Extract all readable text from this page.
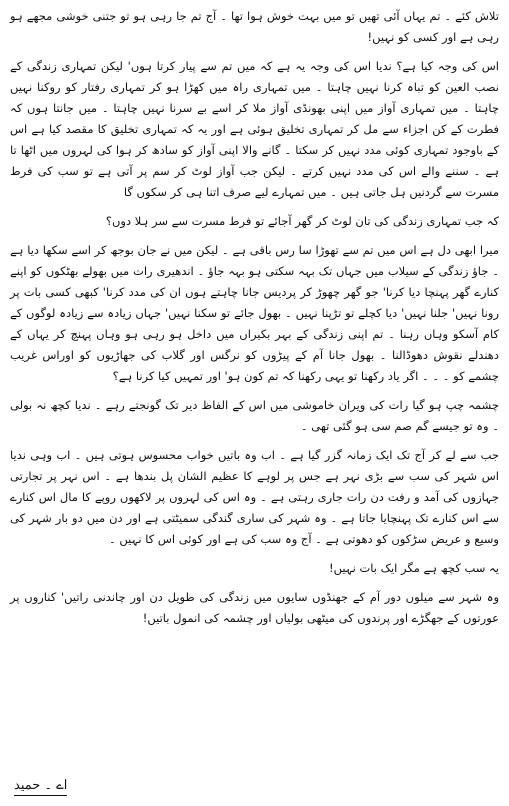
تلاش کئے ۔ تم یہاں آئی تھیں تو میں بہت خوش ہوا تھا ۔ آج تم جا رہی ہو تو جتنی خوشی مجھے ہو رہی ہے اور کسی کو نہیں!

اس کی وجہ کیا ہے؟ ندیا اس کی وجہ یہ ہے کہ میں تم سے پیار کرتا ہوں' لیکن تمہاری زندگی کے نصب العین کو تباہ کرنا نہیں چاہتا ۔ میں تمہاری راہ میں کھڑا ہو کر تمہاری رفتار کو روکنا نہیں چاہتا ۔ میں تمہاری آواز میں اپنی بھونڈی آواز ملا کر اسے بے سرنا نہیں چاہتا ۔ میں جانتا ہوں کہ فطرت کے کن اجزاء سے مل کر تمہاری تخلیق ہوئی ہے اور یہ کہ تمہاری تخلیق کا مقصد کیا ہے اس کے باوجود تمہاری کوئی مدد نہیں کر سکتا ۔ گانے والا اپنی آواز کو سادھ کر ہوا کی لہروں میں اٹھا تا ہے ۔ سننے والے اس کی مدد نہیں کرتے ۔ لیکن جب آواز لوٹ کر سم پر آتی ہے تو سب کی فرط مسرت سے گردنیں ہل جاتی ہیں ۔ میں تمہارے لیے صرف اتنا ہی کر سکوں گا

کہ جب تمہاری زندگی کی تان لوٹ کر گھر آجائے تو فرط مسرت سے سر ہلا دوں؟

میرا ابھی دل ہے اس میں تم سے تھوڑا سا رس باقی ہے ۔ لیکن میں نے جان بوجھ کر اسے سکھا دیا ہے ۔ جاؤ زندگی کے سیلاب میں جہاں تک بہہ سکتی ہو بہہ جاؤ ۔ اندھیری رات میں بھولے بھٹکوں کو اپنے کنارے گھر پہنچا دیا کرنا' جو گھر چھوڑ کر پردیس جانا چاہتے ہوں ان کی مدد کرنا' کبھی کسی بات پر رونا نہیں' جلنا نہیں' دیا کچلے تو تڑپنا نہیں ۔ بھول جائے تو سکنا نہیں' جہاں زیادہ سے زیادہ لوگوں کے کام آسکو وہاں رہنا ۔ تم اپنی زندگی کے بہر بکیراں میں داخل ہو رہی ہو وہاں پہنچ کر یہاں کے دھندلے نقوش دھوڈالنا ۔ بھول جانا آم کے پیڑوں کو نرگس اور گلاب کی جھاڑیوں کو اوراس غریب چشمے کو ۔ ۔ ۔ اگر یاد رکھنا تو یہی رکھنا کہ تم کون ہو' اور تمہیں کیا کرنا ہے؟

چشمہ چپ ہو گیا رات کی ویران خاموشی میں اس کے الفاظ دیر تک گونجتے رہے ۔ ندیا کچھ نہ بولی ۔ وہ تو جیسے گم صم سی ہو گئی تھی ۔

جب سے لے کر آج تک ایک زمانہ گزر گیا ہے ۔ اب وہ باتیں خواب محسوس ہوتی ہیں ۔ اب وہی ندیا اس شہر کی سب سے بڑی نہر ہے جس پر لوہے کا عظیم الشان پل بندھا ہے ۔ اس نہر پر تجارتی جہازوں کی آمد و رفت دن رات جاری رہتی ہے ۔ وہ اس کی لہروں پر لاکھوں روپے کا مال اس کنارے سے اس کنارے تک پہنچایا جاتا ہے ۔ وہ شہر کی ساری گندگی سمیٹتی ہے اور دن میں دو بار شہر کی وسیع و عریض سڑکوں کو دھوتی ہے ۔ آج وہ سب کی ہے اور کوئی اس کا نہیں ۔

یہ سب کچھ ہے مگر ایک بات نہیں!

وہ شہر سے میلوں دور آم کے جھنڈوں سایوں میں زندگی کی طویل دن اور چاندنی راتیں' کناروں پر عورتوں کے جھگڑے اور پرندوں کی میٹھی بولیاں اور چشمہ کی انمول باتیں!

اے ۔ حمید
